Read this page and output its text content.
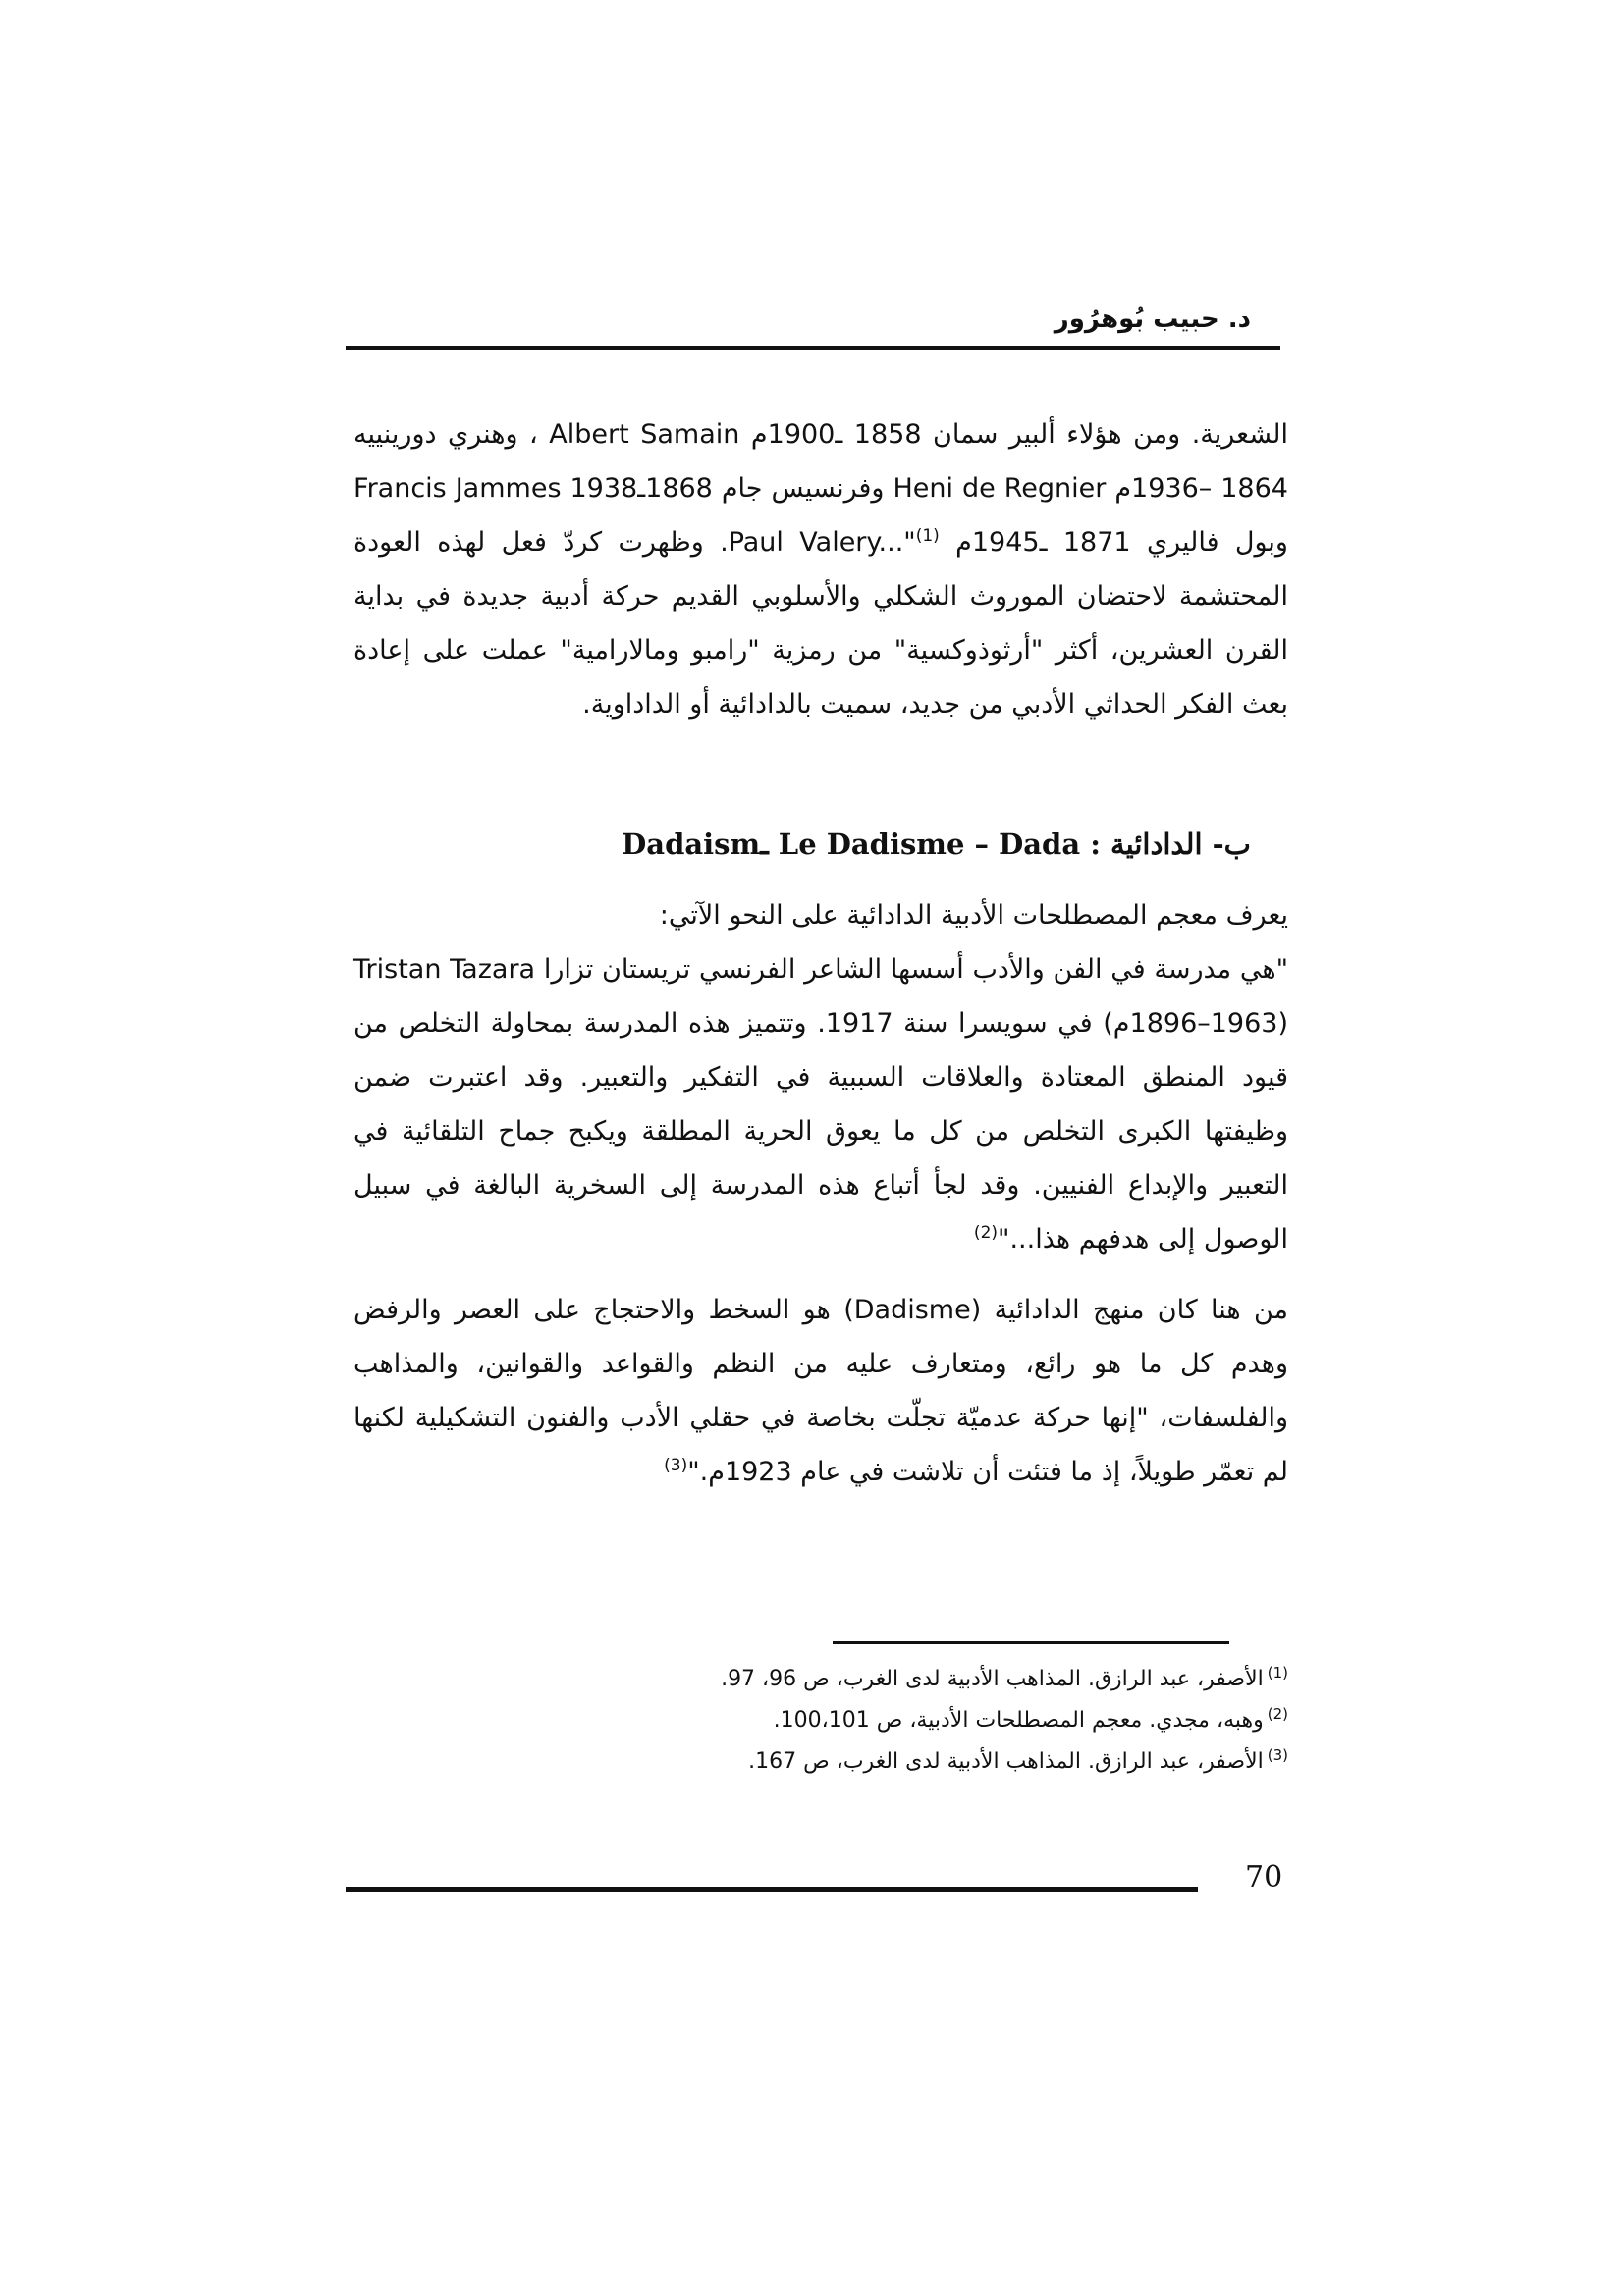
د. حبيب بُوهرُور

الشعرية. ومن هؤلاء ألبير سمان 1858 ـ1900م Albert Samain ، وهنري دورينييه 1864 –1936م Heni de Regnier وفرنسيس جام 1868ـ1938 Francis Jammes وبول فاليري 1871 ـ1945م Paul Valery..."$^{(1)}$. وظهرت كردّ فعل لهذه العودة المحتشمة لاحتضان الموروث الشكلي والأسلوبي القديم حركة أدبية جديدة في بداية القرن العشرين، أكثر "أرثوذوكسية" من رمزية "رامبو ومالارامية" عملت على إعادة بعث الفكر الحداثي الأدبي من جديد، سميت بالدادائية أو الداداوية.

ب- الدادائية : Le Dadisme – Dada ـDadaism

يعرف معجم المصطلحات الأدبية الدادائية على النحو الآتي:

"هي مدرسة في الفن والأدب أسسها الشاعر الفرنسي تريستان تزارا Tristan Tazara (1896–1963م) في سويسرا سنة 1917. وتتميز هذه المدرسة بمحاولة التخلص من قيود المنطق المعتادة والعلاقات السببية في التفكير والتعبير. وقد اعتبرت ضمن وظيفتها الكبرى التخلص من كل ما يعوق الحرية المطلقة ويكبح جماح التلقائية في التعبير والإبداع الفنيين. وقد لجأ أتباع هذه المدرسة إلى السخرية البالغة في سبيل الوصول إلى هدفهم هذا..."$^{(2)}$

من هنا كان منهج الدادائية (Dadisme) هو السخط والاحتجاج على العصر والرفض وهدم كل ما هو رائع، ومتعارف عليه من النظم والقواعد والقوانين، والمذاهب والفلسفات، "إنها حركة عدميّة تجلّت بخاصة في حقلي الأدب والفنون التشكيلية لكنها لم تعمّر طويلاً، إذ ما فتئت أن تلاشت في عام 1923م."$^{(3)}$

$^{(1)}$الأصفر، عبد الرازق. المذاهب الأدبية لدى الغرب، ص 96، 97.
$^{(2)}$وهبه، مجدي. معجم المصطلحات الأدبية، ص 100،101.
$^{(3)}$الأصفر، عبد الرازق. المذاهب الأدبية لدى الغرب، ص 167.

70
